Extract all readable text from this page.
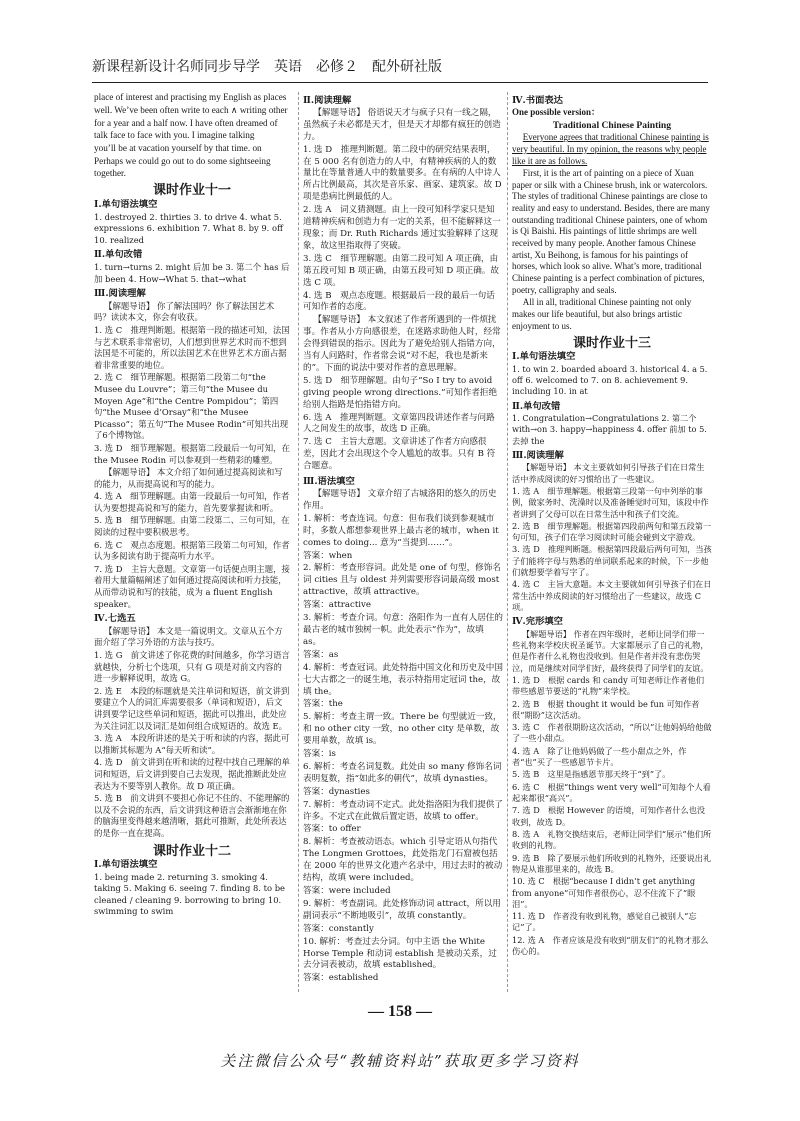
新课程新设计名师同步导学　英语　必修２　配外研社版

place of interest and practising my English as places

well. We’ve been often write to each ∧ writing other

for a year and a half now. I have often dreamed of talk face to face with you. I imagine talking

you’ll be at vacation yourself by that time. on

Perhaps we could go out to do some sightseeing together.

课时作业十一
Ⅰ.单句语法填空

1. destroyed 2. thirties 3. to drive 4. what 5. expressions 6. exhibition 7. What 8. by 9. off 10. realized

Ⅱ.单句改错

1. turn→turns 2. might 后加 be 3. 第二个 has 后加 been 4. How→What 5. that→what

Ⅲ.阅读理解

【解题导语】 你了解法国吗？你了解法国艺术吗？读读本文，你会有收获。

1. 选 C　推理判断题。根据第一段的描述可知，法国与艺术联系非常密切，人们想到世界艺术时而不想到法国是不可能的，所以法国艺术在世界艺术方面占据着非常重要的地位。

2. 选 C　细节理解题。根据第二段第二句“the Musee du Louvre”；第三句“the Musee du Moyen Age”和“the Centre Pompidou”；第四句“the Musee d’Orsay”和“the Musee Picasso”；第五句“The Musee Rodin”可知共出现了6个博物馆。

3. 选 D　细节理解题。根据第二段最后一句可知，在 the Musee Rodin 可以参观到一些精彩的雕塑。

【解题导语】 本文介绍了如何通过提高阅读和写的能力，从而提高说和写的能力。

4. 选 A　细节理解题。由第一段最后一句可知，作者认为要想提高说和写的能力，首先要掌握读和听。

5. 选 B　细节理解题。由第二段第二、三句可知，在阅读的过程中要积极思考。

6. 选 C　观点态度题。根据第三段第二句可知，作者认为多阅读有助于提高听力水平。

7. 选 D　主旨大意题。文章第一句话便点明主题，接着用大量篇幅阐述了如何通过提高阅读和听力技能，从而带动说和写的技能，成为 a fluent English speaker。

Ⅳ.七选五

【解题导语】 本文是一篇说明文。文章从五个方面介绍了学习外语的方法与技巧。

1. 选 G　前文讲述了你花费的时间越多，你学习语言就越快，分析七个选项，只有 G 项是对前文内容的进一步解释说明，故选 G。

2. 选 E　本段的标题就是关注单词和短语，前文讲到要建立个人的词汇库需要很多（单词和短语），后文讲到要学记这些单词和短语，据此可以推出，此处应为关注词汇以及词汇是如何组合成短语的。故选 E。

3. 选 A　本段所讲述的是关于听和读的内容，据此可以推断其标题为 A“每天听和读”。

4. 选 D　前文讲到在听和读的过程中找自己理解的单词和短语，后文讲到要自己去发现，据此推断此处应表达为不要等别人教你。故 D 项正确。

5. 选 B　前文讲到不要担心你记不住的、不能理解的以及不会说的东西，后文讲到这种语言会渐渐地在你的脑海里变得越来越清晰，据此可推断，此处所表达的是你一直在提高。

课时作业十二
Ⅰ.单句语法填空

1. being made 2. returning 3. smoking 4. taking 5. Making 6. seeing 7. finding 8. to be cleaned / cleaning 9. borrowing to bring 10. swimming to swim

Ⅱ.阅读理解

【解题导语】 俗语说天才与疯子只有一线之隔，虽然疯子未必都是天才，但是天才却都有疯狂的创造力。

1. 选 D　推理判断题。第二段中的研究结果表明，在 5 000 名有创造力的人中，有精神疾病的人的数量比在等量普通人中的数量要多。在有病的人中诗人所占比例最高，其次是音乐家、画家、建筑家。故 D 项是患病比例最低的人。

2. 选 A　词义猜测题。由上一段可知科学家只是知道精神疾病和创造力有一定的关系，但不能解释这一现象；而 Dr. Ruth Richards 通过实验解释了这现象，故这里指取得了突破。

3. 选 C　细节理解题。由第二段可知 A 项正确，由第五段可知 B 项正确，由第五段可知 D 项正确。故选 C 项。

4. 选 B　观点态度题。根据最后一段的最后一句话可知作者的态度。

【解题导语】 本文叙述了作者所遇到的一件烦扰事。作者从小方向感很差，在迷路求助他人时，经常会得到错误的指示。因此为了避免给别人指错方向，当有人问路时，作者常会说“对不起，我也是新来的”。下面的说法中要对作者的意思理解。

5. 选 D　细节理解题。由句子“So I try to avoid giving people wrong directions.”可知作者拒绝给别人指路是怕指错方向。

6. 选 A　推理判断题。文章第四段讲述作者与问路人之间发生的故事，故选 D 正确。

7. 选 C　主旨大意题。文章讲述了作者方向感很差，因此才会出现这个令人尴尬的故事。只有 B 符合题意。

Ⅲ.语法填空

【解题导语】 文章介绍了古城洛阳的悠久的历史作用。

1. 解析：考查连词。句意：但布我们谈到参观城市时，多数人都想参观世界上最古老的城市，when it comes to doing... 意为“当提到……”。

答案：when

2. 解析：考查形容词。此处是 one of 句型，修饰名词 cities 且与 oldest 并列需要形容词最高级 most attractive，故填 attractive。

答案：attractive

3. 解析：考查介词。句意：洛阳作为一直有人居住的最古老的城市独树一帜。此处表示“作为”，故填 as。

答案：as

4. 解析：考查冠词。此处特指中国文化和历史及中国七大古都之一的诞生地，表示特指用定冠词 the，故填 the。

答案：the

5. 解析：考查主谓一致。There be 句型就近一致，和 no other city 一致，no other city 是单数，故要用单数，故填 is。

答案：is

6. 解析：考查名词复数。此处由 so many 修饰名词表明复数，指“如此多的朝代”，故填 dynasties。

答案：dynasties

7. 解析：考查动词不定式。此处指洛阳为我们提供了许多。不定式在此做后置定语，故填 to offer。

答案：to offer

8. 解析：考查被动语态。which 引导定语从句指代 The Longmen Grottoes，此处指龙门石窟被包括在 2000 年的世界文化遗产名录中，用过去时的被动结构，故填 were included。

答案：were included

9. 解析：考查副词。此处修饰动词 attract，所以用副词表示“不断地吸引”，故填 constantly。

答案：constantly

10. 解析：考查过去分词。句中主语 the White Horse Temple 和动词 establish 是被动关系，过去分词表被动，故填 established。

答案：established

Ⅳ.书面表达

One possible version：

Traditional Chinese Painting

Everyone agrees that traditional Chinese painting is very beautiful. In my opinion, the reasons why people like it are as follows.

First, it is the art of painting on a piece of Xuan paper or silk with a Chinese brush, ink or watercolors. The styles of traditional Chinese paintings are close to reality and easy to understand. Besides, there are many outstanding traditional Chinese painters, one of whom is Qi Baishi. His paintings of little shrimps are well received by many people. Another famous Chinese artist, Xu Beihong, is famous for his paintings of horses, which look so alive. What’s more, traditional Chinese painting is a perfect combination of pictures, poetry, calligraphy and seals.

All in all, traditional Chinese painting not only makes our life beautiful, but also brings artistic enjoyment to us.

课时作业十三
Ⅰ.单句语法填空

1. to win 2. boarded aboard 3. historical 4. a 5. off 6. welcomed to 7. on 8. achievement 9. including 10. in at

Ⅱ.单句改错

1. Congratulation→Congratulations 2. 第二个 with→on 3. happy→happiness 4. offer 前加 to 5. 去掉 the

Ⅲ.阅读理解

【解题导语】 本文主要就如何引导孩子们在日常生活中养成阅读的好习惯给出了一些建议。

1. 选 A　细节理解题。根据第三段第一句中列举的事例，做家务时、洗澡时以及准备睡觉时可知，该段中作者讲到了父母可以在日常生活中和孩子们交流。

2. 选 B　细节理解题。根据第四段前两句和第五段第一句可知，孩子们在学习阅读时可能会碰到文字游戏。

3. 选 D　推理判断题。根据第四段最后两句可知，当孩子们能将字母与熟悉的单词联系起来的时候，下一步他们就想要学着写字了。

4. 选 C　主旨大意题。本文主要就如何引导孩子们在日常生活中养成阅读的好习惯给出了一些建议，故选 C 项。

Ⅳ.完形填空

【解题导语】 作者在四年级时，老师让同学们带一些礼物来学校庆祝圣诞节。大家都展示了自己的礼物，但是作者什么礼物也没收到。但是作者并没有悲伤哭泣，而是继续对同学们好，最终获得了同学们的友谊。

1. 选 D　根据 cards 和 candy 可知老师让作者他们带些感恩节要送的“礼物”来学校。

2. 选 B　根据 thought it would be fun 可知作者很“期盼”这次活动。

3. 选 C　作者很期盼这次活动，“所以”让他妈妈给他做了一些小甜点。

4. 选 A　除了让他妈妈做了一些小甜点之外，作者“也”买了一些感恩节卡片。

5. 选 B　这里是指感恩节那天终于“到”了。

6. 选 C　根据“things went very well”可知每个人看起来都很“高兴”。

7. 选 D　根据 However 的语境，可知作者什么也没收到，故选 D。

8. 选 A　礼物交换结束后，老师让同学们“展示”他们所收到的礼物。

9. 选 B　除了要展示他们所收到的礼物外，还要说出礼物是从谁那里来的，故选 B。

10. 选 C　根据“because I didn’t get anything from anyone”可知作者很伤心，忍不住流下了“眼泪”。

11. 选 D　作者没有收到礼物，感觉自己被别人“忘记”了。

12. 选 A　作者应该是没有收到“朋友们”的礼物才那么伤心的。

— 158 —
关注微信公众号“教辅资料站”获取更多学习资料
